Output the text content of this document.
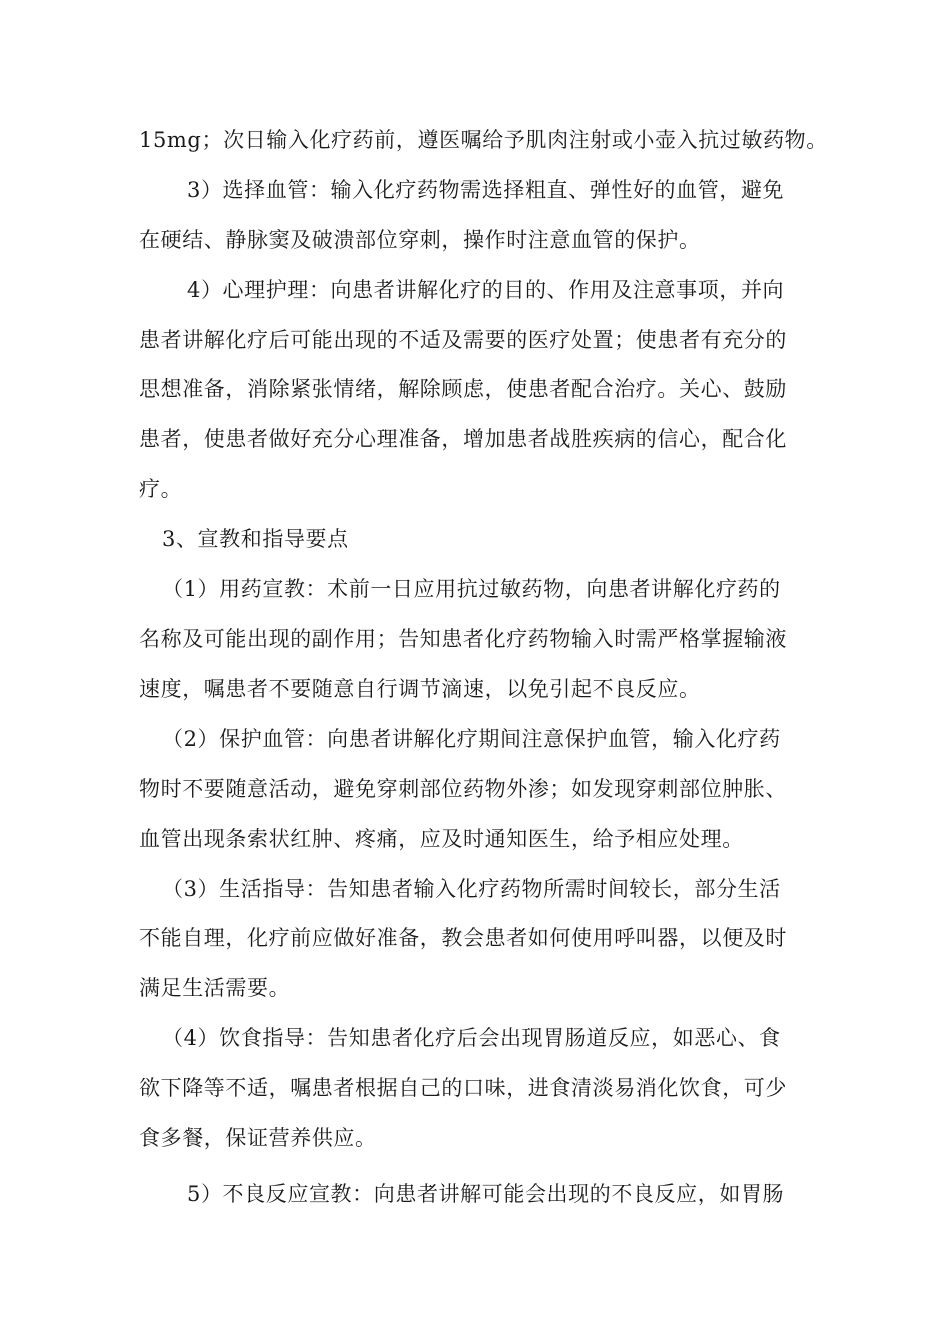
15mg；次日输入化疗药前，遵医嘱给予肌肉注射或小壶入抗过敏药物。
3）选择血管：输入化疗药物需选择粗直、弹性好的血管，避免
在硬结、静脉窦及破溃部位穿刺，操作时注意血管的保护。
4）心理护理：向患者讲解化疗的目的、作用及注意事项，并向
患者讲解化疗后可能出现的不适及需要的医疗处置；使患者有充分的
思想准备，消除紧张情绪，解除顾虑，使患者配合治疗。关心、鼓励
患者，使患者做好充分心理准备，增加患者战胜疾病的信心，配合化
疗。
3、宣教和指导要点
（1）用药宣教：术前一日应用抗过敏药物，向患者讲解化疗药的
名称及可能出现的副作用；告知患者化疗药物输入时需严格掌握输液
速度，嘱患者不要随意自行调节滴速，以免引起不良反应。
（2）保护血管：向患者讲解化疗期间注意保护血管，输入化疗药
物时不要随意活动，避免穿刺部位药物外渗；如发现穿刺部位肿胀、
血管出现条索状红肿、疼痛，应及时通知医生，给予相应处理。
（3）生活指导：告知患者输入化疗药物所需时间较长，部分生活
不能自理，化疗前应做好准备，教会患者如何使用呼叫器，以便及时
满足生活需要。
（4）饮食指导：告知患者化疗后会出现胃肠道反应，如恶心、食
欲下降等不适，嘱患者根据自己的口味，进食清淡易消化饮食，可少
食多餐，保证营养供应。
5）不良反应宣教：向患者讲解可能会出现的不良反应，如胃肠
